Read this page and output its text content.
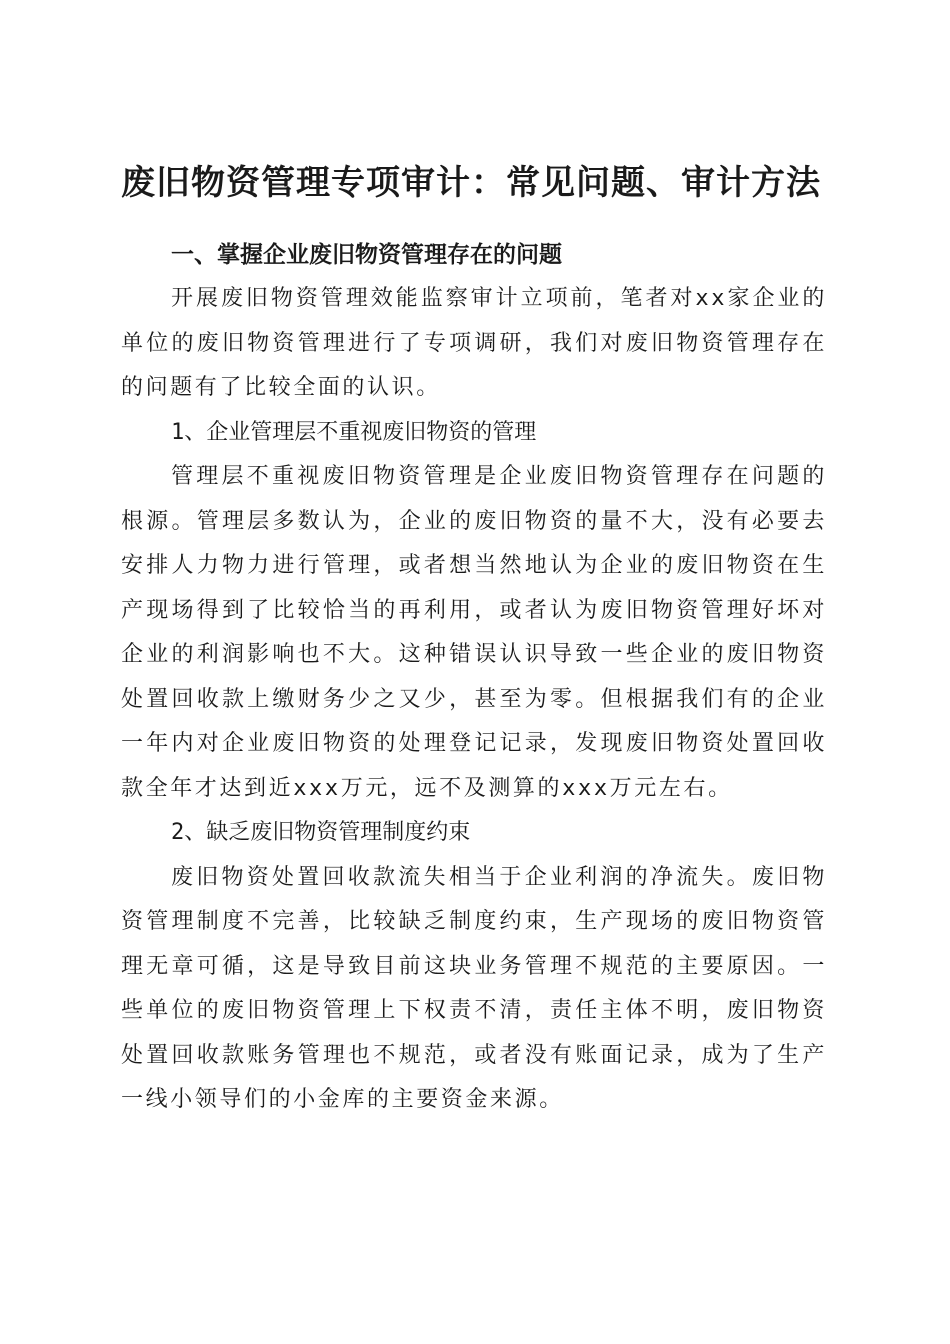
废旧物资管理专项审计：常见问题、审计方法

一、掌握企业废旧物资管理存在的问题

开展废旧物资管理效能监察审计立项前，笔者对xx家企业的单位的废旧物资管理进行了专项调研，我们对废旧物资管理存在的问题有了比较全面的认识。

1、企业管理层不重视废旧物资的管理

管理层不重视废旧物资管理是企业废旧物资管理存在问题的根源。管理层多数认为，企业的废旧物资的量不大，没有必要去安排人力物力进行管理，或者想当然地认为企业的废旧物资在生产现场得到了比较恰当的再利用，或者认为废旧物资管理好坏对企业的利润影响也不大。这种错误认识导致一些企业的废旧物资处置回收款上缴财务少之又少，甚至为零。但根据我们有的企业一年内对企业废旧物资的处理登记记录，发现废旧物资处置回收款全年才达到近xxx万元，远不及测算的xxx万元左右。

2、缺乏废旧物资管理制度约束

废旧物资处置回收款流失相当于企业利润的净流失。废旧物资管理制度不完善，比较缺乏制度约束，生产现场的废旧物资管理无章可循，这是导致目前这块业务管理不规范的主要原因。一些单位的废旧物资管理上下权责不清，责任主体不明，废旧物资处置回收款账务管理也不规范，或者没有账面记录，成为了生产一线小领导们的小金库的主要资金来源。
